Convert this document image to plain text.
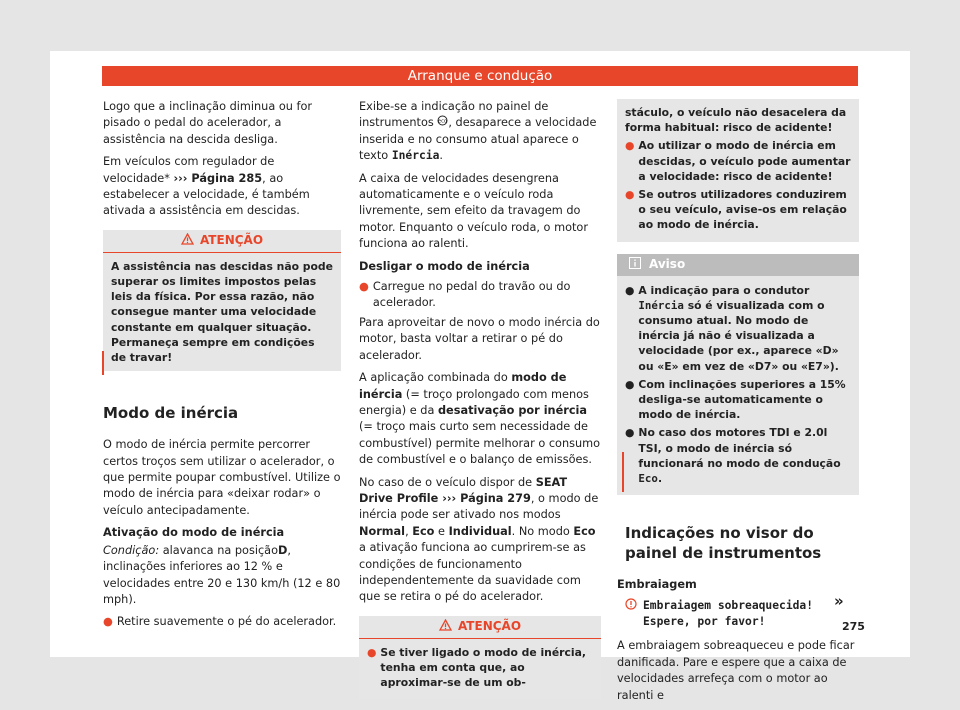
Arranque e condução

Logo que a inclinação diminua ou for pisado o pedal do acelerador, a assistência na descida desliga.

Em veículos com regulador de velocidade* ››› Página 285, ao estabelecer a velocidade, é também ativada a assistência em descidas.

ATENÇÃO
A assistência nas descidas não pode superar os limites impostos pelas leis da física. Por essa razão, não consegue manter uma velocidade constante em qualquer situação. Permaneça sempre em condições de travar!
Modo de inércia

O modo de inércia permite percorrer certos troços sem utilizar o acelerador, o que permite poupar combustível. Utilize o modo de inércia para «deixar rodar» o veículo antecipadamente.

Ativação do modo de inércia

Condição: alavanca na posiçãoD, inclinações inferiores ao 12 % e velocidades entre 20 e 130 km/h (12 e 80 mph).

● Retire suavemente o pé do acelerador.

Exibe-se a indicação no painel de instrumentos eco , desaparece a velocidade inserida e no consumo atual aparece o texto Inércia.

A caixa de velocidades desengrena automaticamente e o veículo roda livremente, sem efeito da travagem do motor. Enquanto o veículo roda, o motor funciona ao ralenti.

Desligar o modo de inércia

● Carregue no pedal do travão ou do acelerador.

Para aproveitar de novo o modo inércia do motor, basta voltar a retirar o pé do acelerador.

A aplicação combinada do modo de inércia (= troço prolongado com menos energia) e da desativação por inércia (= troço mais curto sem necessidade de combustível) permite melhorar o consumo de combustível e o balanço de emissões.

No caso de o veículo dispor de SEAT Drive Profile ››› Página 279, o modo de inércia pode ser ativado nos modos Normal, Eco e Individual. No modo Eco a ativação funciona ao cumprirem-se as condições de funcionamento independentemente da suavidade com que se retira o pé do acelerador.

ATENÇÃO
● Se tiver ligado o modo de inércia, tenha em conta que, ao aproximar-se de um ob-
stáculo, o veículo não desacelera da forma habitual: risco de acidente!
● Ao utilizar o modo de inércia em descidas, o veículo pode aumentar a velocidade: risco de acidente!
● Se outros utilizadores conduzirem o seu veículo, avise-os em relação ao modo de inércia.
Aviso
● A indicação para o condutor Inércia só é visualizada com o consumo atual. No modo de inércia já não é visualizada a velocidade (por ex., aparece «D» ou «E» em vez de «D7» ou «E7»).
● Com inclinações superiores a 15% desliga-se automaticamente o modo de inércia.
● No caso dos motores TDI e 2.0l TSI, o modo de inércia só funcionará no modo de condução Eco.
Indicações no visor do painel de instrumentos

Embraiagem

Embraiagem sobreaquecida! Espere, por favor!

A embraiagem sobreaqueceu e pode ficar danificada. Pare e espere que a caixa de velocidades arrefeça com o motor ao ralenti e

»
275
